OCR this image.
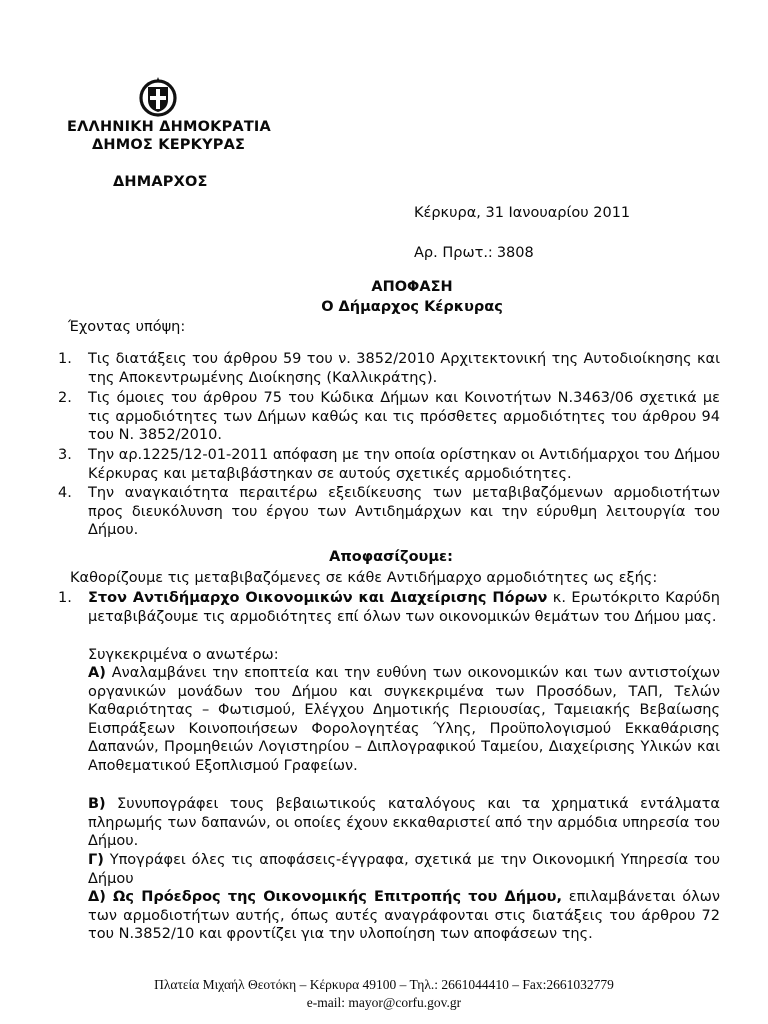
ΕΛΛΗΝΙΚΗ ΔΗΜΟΚΡΑΤΙΑ
ΔΗΜΟΣ ΚΕΡΚΥΡΑΣ
ΔΗΜΑΡΧΟΣ
Κέρκυρα, 31 Ιανουαρίου 2011
Αρ. Πρωτ.: 3808
ΑΠΟΦΑΣΗ
Ο Δήμαρχος Κέρκυρας
Έχοντας υπόψη:
1. Τις διατάξεις του άρθρου 59 του ν. 3852/2010 Αρχιτεκτονική της Αυτοδιοίκησης και της Αποκεντρωμένης Διοίκησης (Καλλικράτης).
2. Τις όμοιες του άρθρου 75 του Κώδικα Δήμων και Κοινοτήτων Ν.3463/06 σχετικά με τις αρμοδιότητες των Δήμων καθώς και τις πρόσθετες αρμοδιότητες του άρθρου 94 του Ν. 3852/2010.
3. Την αρ.1225/12-01-2011 απόφαση με την οποία ορίστηκαν οι Αντιδήμαρχοι του Δήμου Κέρκυρας και μεταβιβάστηκαν σε αυτούς σχετικές αρμοδιότητες.
4. Την αναγκαιότητα περαιτέρω εξειδίκευσης των μεταβιβαζόμενων αρμοδιοτήτων προς διευκόλυνση του έργου των Αντιδημάρχων και την εύρυθμη λειτουργία του Δήμου.
Αποφασίζουμε:
Καθορίζουμε τις μεταβιβαζόμενες σε κάθε Αντιδήμαρχο αρμοδιότητες ως εξής:
1. Στον Αντιδήμαρχο Οικονομικών και Διαχείρισης Πόρων κ. Ερωτόκριτο Καρύδη μεταβιβάζουμε τις αρμοδιότητες επί όλων των οικονομικών θεμάτων του Δήμου μας.
Συγκεκριμένα ο ανωτέρω:
Α) Αναλαμβάνει την εποπτεία και την ευθύνη των οικονομικών και των αντιστοίχων οργανικών μονάδων του Δήμου και συγκεκριμένα των Προσόδων, ΤΑΠ, Τελών Καθαριότητας – Φωτισμού, Ελέγχου Δημοτικής Περιουσίας, Ταμειακής Βεβαίωσης Εισπράξεων Κοινοποιήσεων Φορολογητέας Ύλης, Προϋπολογισμού Εκκαθάρισης Δαπανών, Προμηθειών Λογιστηρίου – Διπλογραφικού Ταμείου, Διαχείρισης Υλικών και Αποθεματικού Εξοπλισμού Γραφείων.
Β) Συνυπογράφει τους βεβαιωτικούς καταλόγους και τα χρηματικά εντάλματα πληρωμής των δαπανών, οι οποίες έχουν εκκαθαριστεί από την αρμόδια υπηρεσία του Δήμου.
Γ) Υπογράφει όλες τις αποφάσεις-έγγραφα, σχετικά με την Οικονομική Υπηρεσία του Δήμου
Δ) Ως Πρόεδρος της Οικονομικής Επιτροπής του Δήμου, επιλαμβάνεται όλων των αρμοδιοτήτων αυτής, όπως αυτές αναγράφονται στις διατάξεις του άρθρου 72 του Ν.3852/10 και φροντίζει για την υλοποίηση των αποφάσεων της.
Πλατεία Μιχαήλ Θεοτόκη – Κέρκυρα 49100 – Τηλ.: 2661044410 – Fax:2661032779
e-mail: mayor@corfu.gov.gr
